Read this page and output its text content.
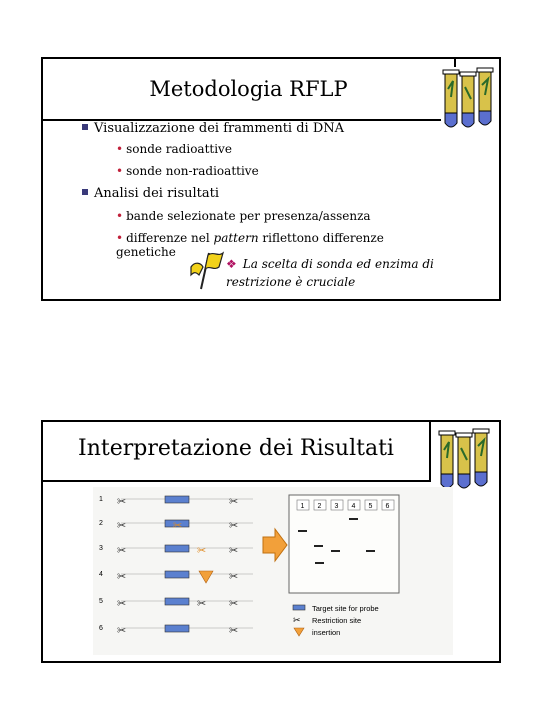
Metodologia RFLP
Visualizzazione dei frammenti di DNA
• sonde radioattive
• sonde non-radioattive
Analisi dei risultati
• bande selezionate per presenza/assenza
• differenze nel pattern riflettono differenze
genetiche
❖ La scelta di sonda ed enzima di
restrizione è cruciale
Interpretazione dei Risultati
1 ✂	✂
2 ✂	✂
3 ✂	✂
4 ✂	✂
5 ✂	✂
6 ✂	✂
✂
✂
✂
1 2 3 4 5 6
Target site for probe
✂ Restriction site
insertion
